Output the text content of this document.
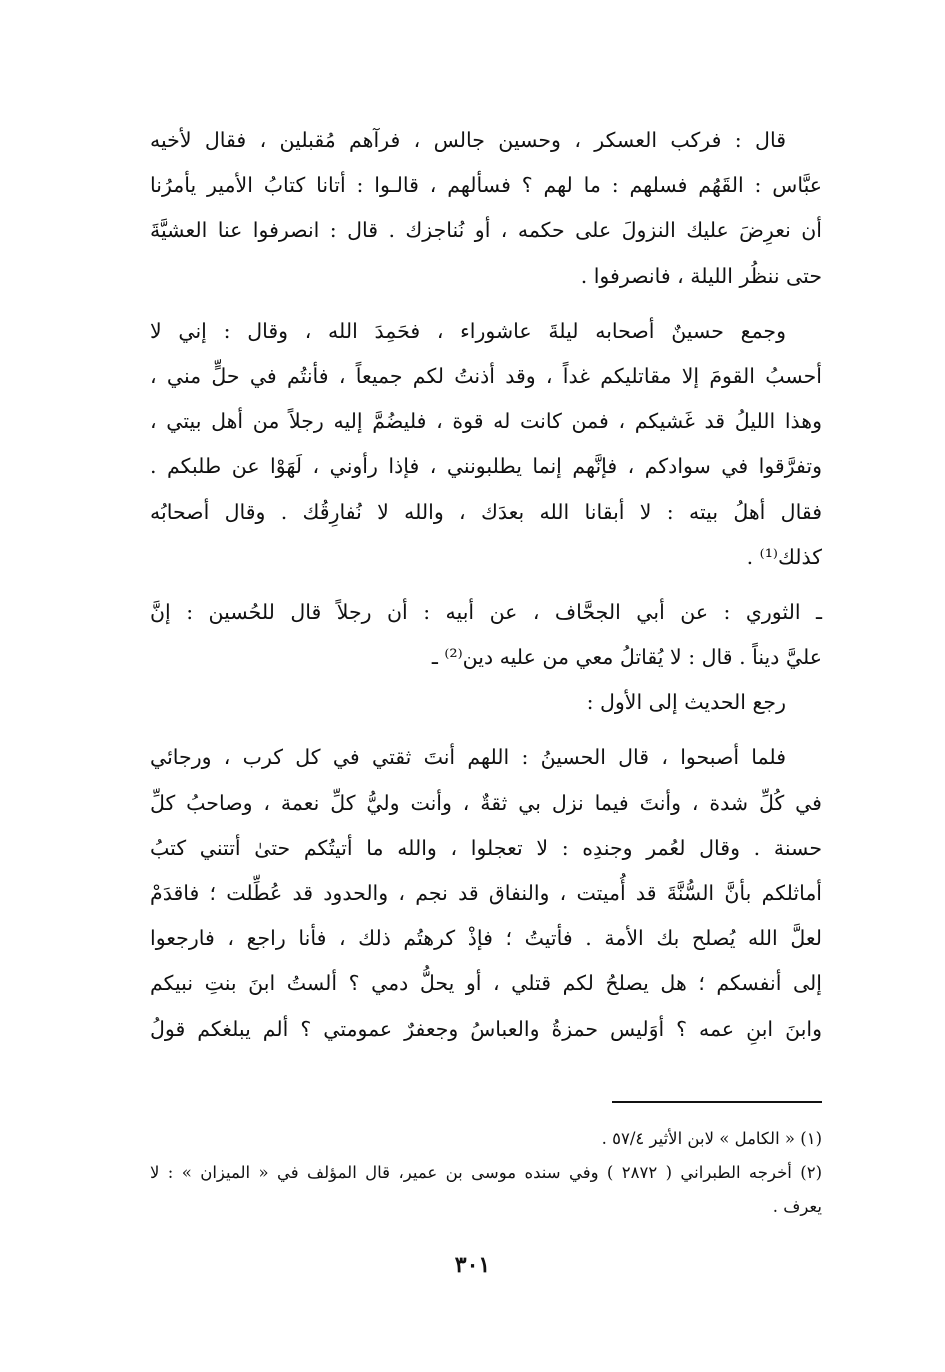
قال : فركب العسكر ، وحسين جالس ، فرآهم مُقبلين ، فقال لأخيه
عبَّاس : القَهُم فسلهم : ما لهم ؟ فسألهم ، قالـوا : أتانا كتابُ الأمير يأمرُنا
أن نعرِضَ عليك النزولَ على حكمه ، أو نُناجزك . قال : انصرفوا عنا العشيَّةَ
حتى ننظُر الليلة ، فانصرفوا .
وجمع حسينٌ أصحابه ليلةَ عاشوراء ، فحَمِدَ الله ، وقال : إني لا
أحسبُ القومَ إلا مقاتليكم غداً ، وقد أذنتُ لكم جميعاً ، فأنتُم في حلٍّ مني ،
وهذا الليلُ قد غَشيكم ، فمن كانت له قوة ، فليضُمَّ إليه رجلاً من أهل بيتي ،
وتفرَّقوا في سوادكم ، فإنَّهم إنما يطلبونني ، فإذا رأوني ، لَهَوْا عن طلبكم .
فقال أهلُ بيته : لا أبقانا الله بعدَك ، والله لا نُفارِقُك . وقال أصحابُه
كذلك⁽¹⁾ .
ـ الثوري : عن أبي الجحَّاف ، عن أبيه : أن رجلاً قال للحُسين : إنَّ
عليَّ ديناً . قال : لا يُقاتلُ معي من عليه دين⁽²⁾ ـ
رجع الحديث إلى الأول :
فلما أصبحوا ، قال الحسينُ : اللهم أنتَ ثقتي في كل كرب ، ورجائي
في كُلِّ شدة ، وأنتَ فيما نزل بي ثقةٌ ، وأنت وليُّ كلِّ نعمة ، وصاحبُ كلِّ
حسنة . وقال لعُمر وجندِه : لا تعجلوا ، والله ما أتيتُكم حتىٰ أتتني كتبُ
أماثلكم بأنَّ السُّنَّةَ قد أُميتت ، والنفاق قد نجم ، والحدود قد عُطِّلت ؛ فاقدَمْ
لعلَّ الله يُصلح بك الأمة . فأتيتُ ؛ فإذْ كرهتُم ذلك ، فأنا راجع ، فارجعوا
إلى أنفسكم ؛ هل يصلحُ لكم قتلي ، أو يحلُّ دمي ؟ ألستُ ابنَ بنتِ نبيكم
وابنَ ابنِ عمه ؟ أوَليس حمزةُ والعباسُ وجعفرٌ عمومتي ؟ ألم يبلغكم قولُ
(١) « الكامل » لابن الأثير ٥٧/٤ .
(٢) أخرجه الطبراني ( ٢٨٧٢ ) وفي سنده موسى بن عمير، قال المؤلف في « الميزان » : لا
يعرف .
٣٠١
